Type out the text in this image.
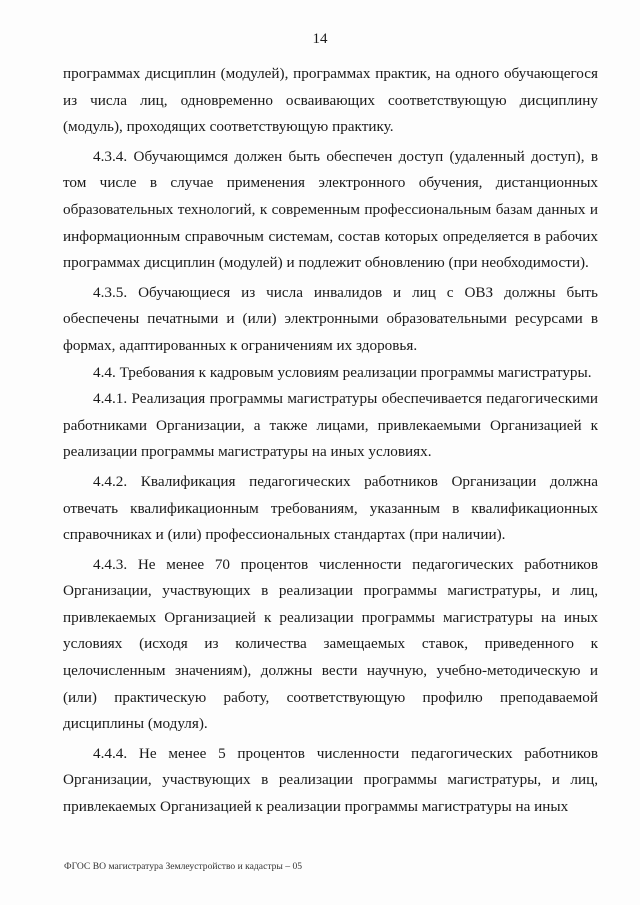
14

программах дисциплин (модулей), программах практик, на одного обучающегося из числа лиц, одновременно осваивающих соответствующую дисциплину (модуль), проходящих соответствующую практику.

4.3.4. Обучающимся должен быть обеспечен доступ (удаленный доступ), в том числе в случае применения электронного обучения, дистанционных образовательных технологий, к современным профессиональным базам данных и информационным справочным системам, состав которых определяется в рабочих программах дисциплин (модулей) и подлежит обновлению (при необходимости).

4.3.5. Обучающиеся из числа инвалидов и лиц с ОВЗ должны быть обеспечены печатными и (или) электронными образовательными ресурсами в формах, адаптированных к ограничениям их здоровья.

4.4. Требования к кадровым условиям реализации программы магистратуры.

4.4.1. Реализация программы магистратуры обеспечивается педагогическими работниками Организации, а также лицами, привлекаемыми Организацией к реализации программы магистратуры на иных условиях.

4.4.2. Квалификация педагогических работников Организации должна отвечать квалификационным требованиям, указанным в квалификационных справочниках и (или) профессиональных стандартах (при наличии).

4.4.3. Не менее 70 процентов численности педагогических работников Организации, участвующих в реализации программы магистратуры, и лиц, привлекаемых Организацией к реализации программы магистратуры на иных условиях (исходя из количества замещаемых ставок, приведенного к целочисленным значениям), должны вести научную, учебно-методическую и (или) практическую работу, соответствующую профилю преподаваемой дисциплины (модуля).

4.4.4. Не менее 5 процентов численности педагогических работников Организации, участвующих в реализации программы магистратуры, и лиц, привлекаемых Организацией к реализации программы магистратуры на иных

ФГОС ВО магистратура Землеустройство и кадастры – 05
